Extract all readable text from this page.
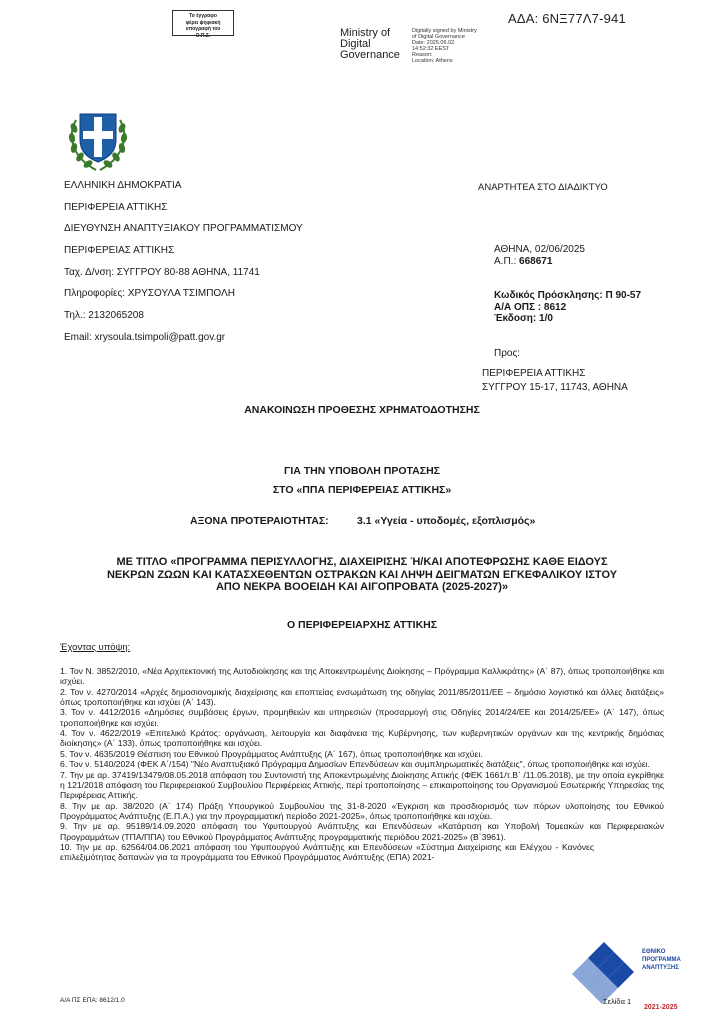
Το έγγραφο
φέρει ψηφιακή
υπογραφή του
Ο.Π.Σ.	Ministry of
Digital
Governance
Digitally signed by Ministry
of Digital Governance
Date: 2025.06.02
14:52:32 EEST
Reason:
Location: Athens
ΑΔΑ: 6ΝΞ77Λ7-941
ΕΛΛΗΝΙΚΗ ΔΗΜΟΚΡΑΤΙΑ
ΠΕΡΙΦΕΡΕΙΑ ΑΤΤΙΚΗΣ
ΔΙΕΥΘΥΝΣΗ ΑΝΑΠΤΥΞΙΑΚΟΥ ΠΡΟΓΡΑΜΜΑΤΙΣΜΟΥ
ΠΕΡΙΦΕΡΕΙΑΣ ΑΤΤΙΚΗΣ
Ταχ. Δ/νση: ΣΥΓΓΡΟΥ 80-88 ΑΘΗΝΑ, 11741
Πληροφορίες: ΧΡΥΣΟΥΛΑ ΤΣΙΜΠΟΛΗ
Τηλ.: 2132065208
Email: xrysoula.tsimpoli@patt.gov.gr
ΑΝΑΡΤΗΤΕΑ ΣΤΟ ΔΙΑΔΙΚΤΥΟ
ΑΘΗΝΑ, 02/06/2025
Α.Π.: 668671
Κωδικός Πρόσκλησης: Π 90-57
Α/Α ΟΠΣ : 8612
Έκδοση: 1/0
Προς:
ΠΕΡΙΦΕΡΕΙΑ ΑΤΤΙΚΗΣ
ΣΥΓΓΡΟΥ 15-17, 11743, ΑΘΗΝΑ
ΑΝΑΚΟΙΝΩΣΗ ΠΡΟΘΕΣΗΣ ΧΡΗΜΑΤΟΔΟΤΗΣΗΣ
ΓΙΑ ΤΗΝ ΥΠΟΒΟΛΗ ΠΡΟΤΑΣΗΣ
ΣΤΟ «ΠΠΑ ΠΕΡΙΦΕΡΕΙΑΣ ΑΤΤΙΚΗΣ»
ΑΞΟΝΑ ΠΡΟΤΕΡΑΙΟΤΗΤΑΣ:	3.1 «Υγεία - υποδομές, εξοπλισμός»
ΜΕ ΤΙΤΛΟ «ΠΡΟΓΡΑΜΜΑ ΠΕΡΙΣΥΛΛΟΓΗΣ, ΔΙΑΧΕΙΡΙΣΗΣ Ή/ΚΑΙ ΑΠΟΤΕΦΡΩΣΗΣ ΚΑΘΕ ΕΙΔΟΥΣ
ΝΕΚΡΩΝ ΖΩΩΝ ΚΑΙ ΚΑΤΑΣΧΕΘΕΝΤΩΝ ΟΣΤΡΑΚΩΝ ΚΑΙ ΛΗΨΗ ΔΕΙΓΜΑΤΩΝ ΕΓΚΕΦΑΛΙΚΟΥ ΙΣΤΟΥ
ΑΠΟ ΝΕΚΡΑ ΒΟΟΕΙΔΗ ΚΑΙ ΑΙΓΟΠΡΟΒΑΤΑ (2025-2027)»
Ο ΠΕΡΙΦΕΡΕΙΑΡΧΗΣ ΑΤΤΙΚΗΣ
Έχοντας υπόψη:

1. Τον Ν. 3852/2010, «Νέα Αρχιτεκτονική της Αυτοδιοίκησης και της Αποκεντρωμένης Διοίκησης – Πρόγραμμα Καλλικράτης» (Α΄ 87), όπως τροποποιήθηκε και ισχύει.

2. Τον ν. 4270/2014 «Αρχές δημοσιονομικής διαχείρισης και εποπτείας ενσωμάτωση της οδηγίας 2011/85/2011/ΕΕ – δημόσιο λογιστικό και άλλες διατάξεις» όπως τροποποιήθηκε και ισχύει (Α΄ 143).

3. Τον ν. 4412/2016 «Δημόσιες συμβάσεις έργων, προμηθειών και υπηρεσιών (προσαρμογή στις Οδηγίες 2014/24/ΕΕ και 2014/25/ΕΕ» (Α΄ 147), όπως τροποποιήθηκε και ισχύει.

4. Τον ν. 4622/2019 «Επιτελικό Κράτος: οργάνωση, λειτουργία και διαφάνεια της Κυβέρνησης, των κυβερνητικών οργάνων και της κεντρικής δημόσιας διοίκησης» (Α΄ 133), όπως τροποποιήθηκε και ισχύει.

5. Τον ν. 4635/2019 Θέσπιση του Εθνικού Προγράμματος Ανάπτυξης (Α΄ 167), όπως τροποποιήθηκε και ισχύει.

6. Τον ν. 5140/2024 (ΦΕΚ Α΄/154) "Νέο Αναπτυξιακό Πρόγραμμα Δημοσίων Επενδύσεων και συμπληρωματικές διατάξεις", όπως τροποποιήθηκε και ισχύει.

7. Την με αρ. 37419/13479/08.05.2018 απόφαση του Συντονιστή της Αποκεντρωμένης Διοίκησης Αττικής (ΦΕΚ 1661/τ.Β΄ /11.05.2018), με την οποία εγκρίθηκε η 121/2018 απόφαση του Περιφερειακού Συμβουλίου Περιφέρειας Αττικής, περί τροποποίησης – επικαιροποίησης του Οργανισμού Εσωτερικής Υπηρεσίας της Περιφέρειας Αττικής.

8. Την με αρ. 38/2020 (Α΄ 174) Πράξη Υπουργικού Συμβουλίου της 31-8-2020 «Έγκριση και προσδιορισμός των πόρων υλοποίησης του Εθνικού Προγράμματος Ανάπτυξης (Ε.Π.Α.) για την προγραμματική περίοδο 2021-2025», όπως τροποποιήθηκε και ισχύει.

9. Την με αρ. 95189/14.09.2020 απόφαση του Υφυπουργού Ανάπτυξης και Επενδύσεων «Κατάρτιση και Υποβολή Τομεακών και Περιφερειακών Προγραμμάτων (ΤΠΑ/ΠΠΑ) του Εθνικού Προγράμματος Ανάπτυξης προγραμματικής περιόδου 2021-2025» (Β΄3961).

10. Την με αρ. 62564/04.06.2021 απόφαση του Υφυπουργού Ανάπτυξης και Επενδύσεων «Σύστημα Διαχείρισης και Ελέγχου - Κανόνες επιλεξιμότητας δαπανών για τα προγράμματα του Εθνικού Προγράμματος Ανάπτυξης (ΕΠΑ) 2021-

ΕΘΝΙΚΟ
ΠΡΟΓΡΑΜΜΑ
ΑΝΑΠΤΥΞΗΣ
2021-2025
Α/Α ΠΣ ΕΠΑ: 8612/1.0	Σελίδα 1
